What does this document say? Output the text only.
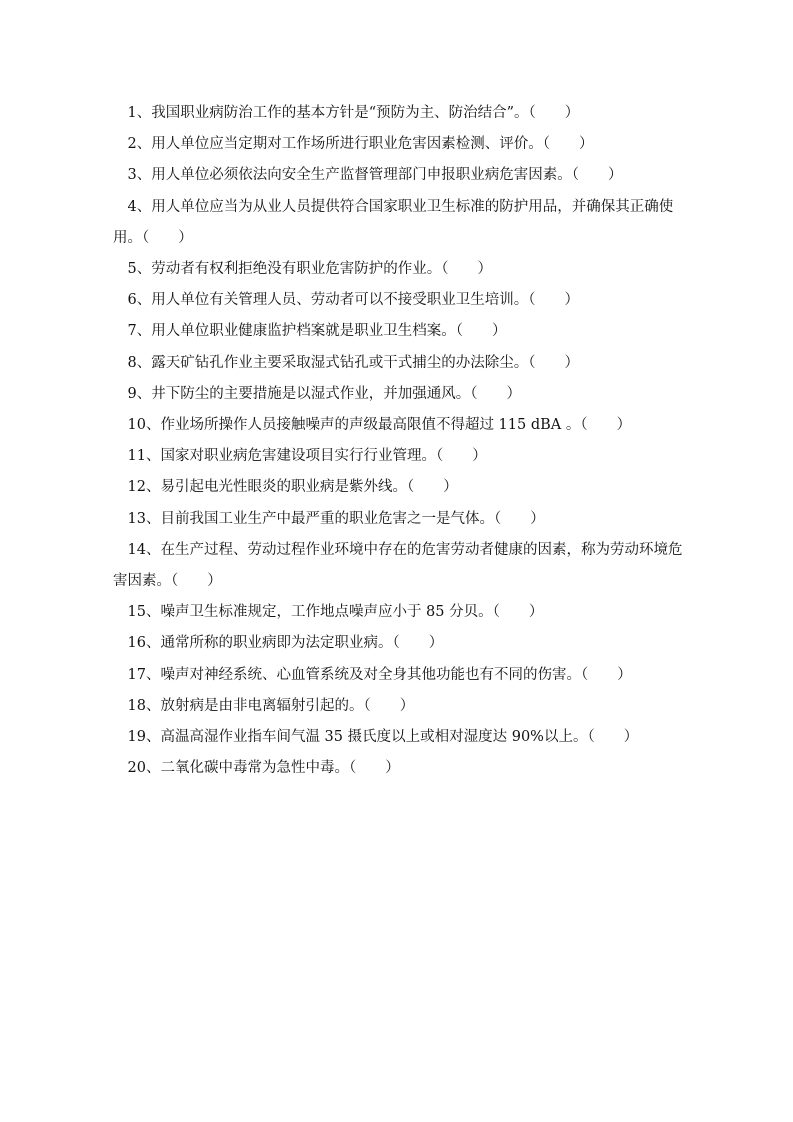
1、我国职业病防治工作的基本方针是“预防为主、防治结合”。（　　）

2、用人单位应当定期对工作场所进行职业危害因素检测、评价。（　　）

3、用人单位必须依法向安全生产监督管理部门申报职业病危害因素。（　　）

4、用人单位应当为从业人员提供符合国家职业卫生标准的防护用品，并确保其正确使用。（　　）

5、劳动者有权利拒绝没有职业危害防护的作业。（　　）

6、用人单位有关管理人员、劳动者可以不接受职业卫生培训。（　　）

7、用人单位职业健康监护档案就是职业卫生档案。（　　）

8、露天矿钻孔作业主要采取湿式钻孔或干式捕尘的办法除尘。（　　）

9、井下防尘的主要措施是以湿式作业，并加强通风。（　　）

10、作业场所操作人员接触噪声的声级最高限值不得超过 115 dBA 。（　　）

11、国家对职业病危害建设项目实行行业管理。（　　）

12、易引起电光性眼炎的职业病是紫外线。（　　）

13、目前我国工业生产中最严重的职业危害之一是气体。（　　）

14、在生产过程、劳动过程作业环境中存在的危害劳动者健康的因素，称为劳动环境危害因素。（　　）

15、噪声卫生标准规定，工作地点噪声应小于 85 分贝。（　　）

16、通常所称的职业病即为法定职业病。（　　）

17、噪声对神经系统、心血管系统及对全身其他功能也有不同的伤害。（　　）

18、放射病是由非电离辐射引起的。（　　）

19、高温高湿作业指车间气温 35 摄氏度以上或相对湿度达 90%以上。（　　）

20、二氧化碳中毒常为急性中毒。（　　）
